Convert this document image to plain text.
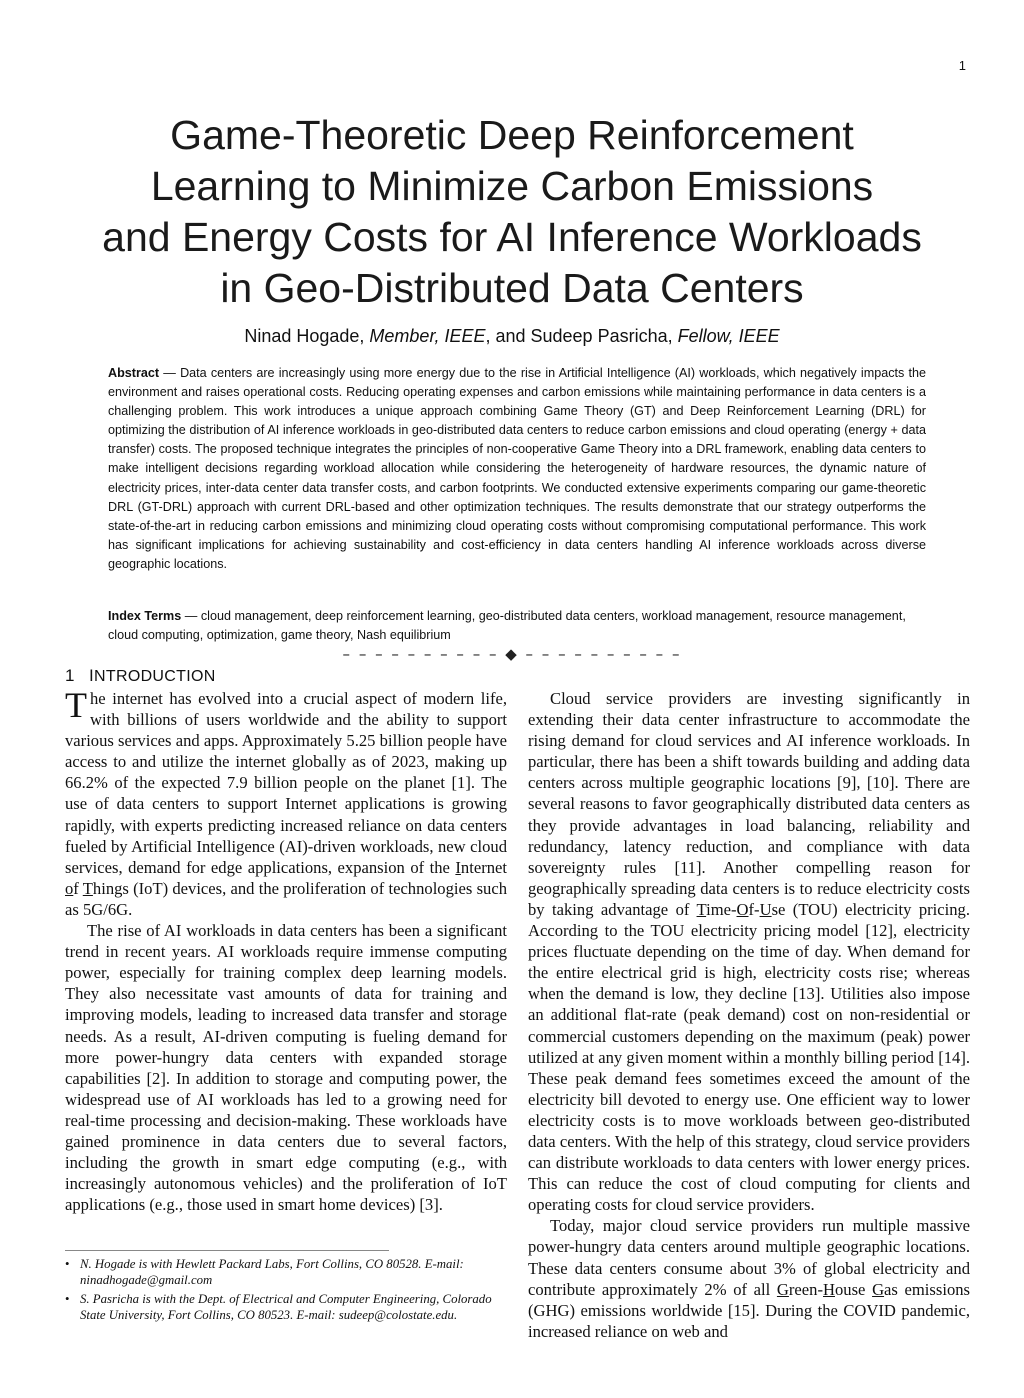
1
Game-Theoretic Deep Reinforcement
Learning to Minimize Carbon Emissions
and Energy Costs for AI Inference Workloads
in Geo-Distributed Data Centers
Ninad Hogade, Member, IEEE, and Sudeep Pasricha, Fellow, IEEE

Abstract — Data centers are increasingly using more energy due to the rise in Artificial Intelligence (AI) workloads, which negatively impacts the environment and raises operational costs. Reducing operating expenses and carbon emissions while maintaining performance in data centers is a challenging problem. This work introduces a unique approach combining Game Theory (GT) and Deep Reinforcement Learning (DRL) for optimizing the distribution of AI inference workloads in geo-distributed data centers to reduce carbon emissions and cloud operating (energy + data transfer) costs. The proposed technique integrates the principles of non-cooperative Game Theory into a DRL framework, enabling data centers to make intelligent decisions regarding workload allocation while considering the heterogeneity of hardware resources, the dynamic nature of electricity prices, inter-data center data transfer costs, and carbon footprints. We conducted extensive experiments comparing our game-theoretic DRL (GT-DRL) approach with current DRL-based and other optimization techniques. The results demonstrate that our strategy outperforms the state-of-the-art in reducing carbon emissions and minimizing cloud operating costs without compromising computational performance. This work has significant implications for achieving sustainability and cost-efficiency in data centers handling AI inference workloads across diverse geographic locations.

Index Terms — cloud management, deep reinforcement learning, geo-distributed data centers, workload management, resource management, cloud computing, optimization, game theory, Nash equilibrium

– – – – – – – – – – ◆ – – – – – – – – – –
1 INTRODUCTION

The internet has evolved into a crucial aspect of modern life, with billions of users worldwide and the ability to support various services and apps. Approximately 5.25 billion people have access to and utilize the internet globally as of 2023, making up 66.2% of the expected 7.9 billion people on the planet [1]. The use of data centers to support Internet applications is growing rapidly, with experts predicting increased reliance on data centers fueled by Artificial Intelligence (AI)-driven workloads, new cloud services, demand for edge applications, expansion of the Internet of Things (IoT) devices, and the proliferation of technologies such as 5G/6G.

The rise of AI workloads in data centers has been a significant trend in recent years. AI workloads require immense computing power, especially for training complex deep learning models. They also necessitate vast amounts of data for training and improving models, leading to increased data transfer and storage needs. As a result, AI-driven computing is fueling demand for more power-hungry data centers with expanded storage capabilities [2]. In addition to storage and computing power, the widespread use of AI workloads has led to a growing need for real-time processing and decision-making. These workloads have gained prominence in data centers due to several factors, including the growth in smart edge computing (e.g., with increasingly autonomous vehicles) and the proliferation of IoT applications (e.g., those used in smart home devices) [3].

• N. Hogade is with Hewlett Packard Labs, Fort Collins, CO 80528. E-mail: ninadhogade@gmail.com
• S. Pasricha is with the Dept. of Electrical and Computer Engineering, Colorado State University, Fort Collins, CO 80523. E-mail: sudeep@colostate.edu.

Cloud service providers are investing significantly in extending their data center infrastructure to accommodate the rising demand for cloud services and AI inference workloads. In particular, there has been a shift towards building and adding data centers across multiple geographic locations [9], [10]. There are several reasons to favor geographically distributed data centers as they provide advantages in load balancing, reliability and redundancy, latency reduction, and compliance with data sovereignty rules [11]. Another compelling reason for geographically spreading data centers is to reduce electricity costs by taking advantage of Time-Of-Use (TOU) electricity pricing. According to the TOU electricity pricing model [12], electricity prices fluctuate depending on the time of day. When demand for the entire electrical grid is high, electricity costs rise; whereas when the demand is low, they decline [13]. Utilities also impose an additional flat-rate (peak demand) cost on non-residential or commercial customers depending on the maximum (peak) power utilized at any given moment within a monthly billing period [14]. These peak demand fees sometimes exceed the amount of the electricity bill devoted to energy use. One efficient way to lower electricity costs is to move workloads between geo-distributed data centers. With the help of this strategy, cloud service providers can distribute workloads to data centers with lower energy prices. This can reduce the cost of cloud computing for clients and operating costs for cloud service providers.

Today, major cloud service providers run multiple massive power-hungry data centers around multiple geographic locations. These data centers consume about 3% of global electricity and contribute approximately 2% of all Green-House Gas emissions (GHG) emissions worldwide [15]. During the COVID pandemic, increased reliance on web and
